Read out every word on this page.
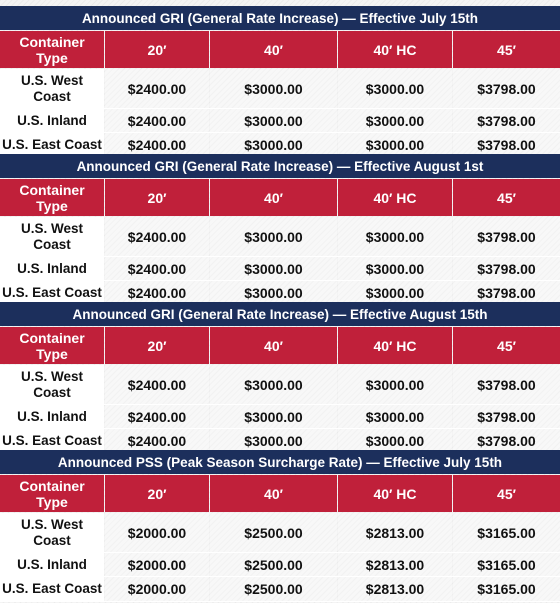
Announced GRI (General Rate Increase) — Effective July 15th
Container Type	20′	40′	40′ HC	45′
U.S. West Coast	$2400.00	$3000.00	$3000.00	$3798.00
U.S. Inland	$2400.00	$3000.00	$3000.00	$3798.00
U.S. East Coast	$2400.00	$3000.00	$3000.00	$3798.00
Announced GRI (General Rate Increase) — Effective August 1st
Container Type	20′	40′	40′ HC	45′
U.S. West Coast	$2400.00	$3000.00	$3000.00	$3798.00
U.S. Inland	$2400.00	$3000.00	$3000.00	$3798.00
U.S. East Coast	$2400.00	$3000.00	$3000.00	$3798.00
Announced GRI (General Rate Increase) — Effective August 15th
Container Type	20′	40′	40′ HC	45′
U.S. West Coast	$2400.00	$3000.00	$3000.00	$3798.00
U.S. Inland	$2400.00	$3000.00	$3000.00	$3798.00
U.S. East Coast	$2400.00	$3000.00	$3000.00	$3798.00
Announced PSS (Peak Season Surcharge Rate) — Effective July 15th
Container Type	20′	40′	40′ HC	45′
U.S. West Coast	$2000.00	$2500.00	$2813.00	$3165.00
U.S. Inland	$2000.00	$2500.00	$2813.00	$3165.00
U.S. East Coast	$2000.00	$2500.00	$2813.00	$3165.00
